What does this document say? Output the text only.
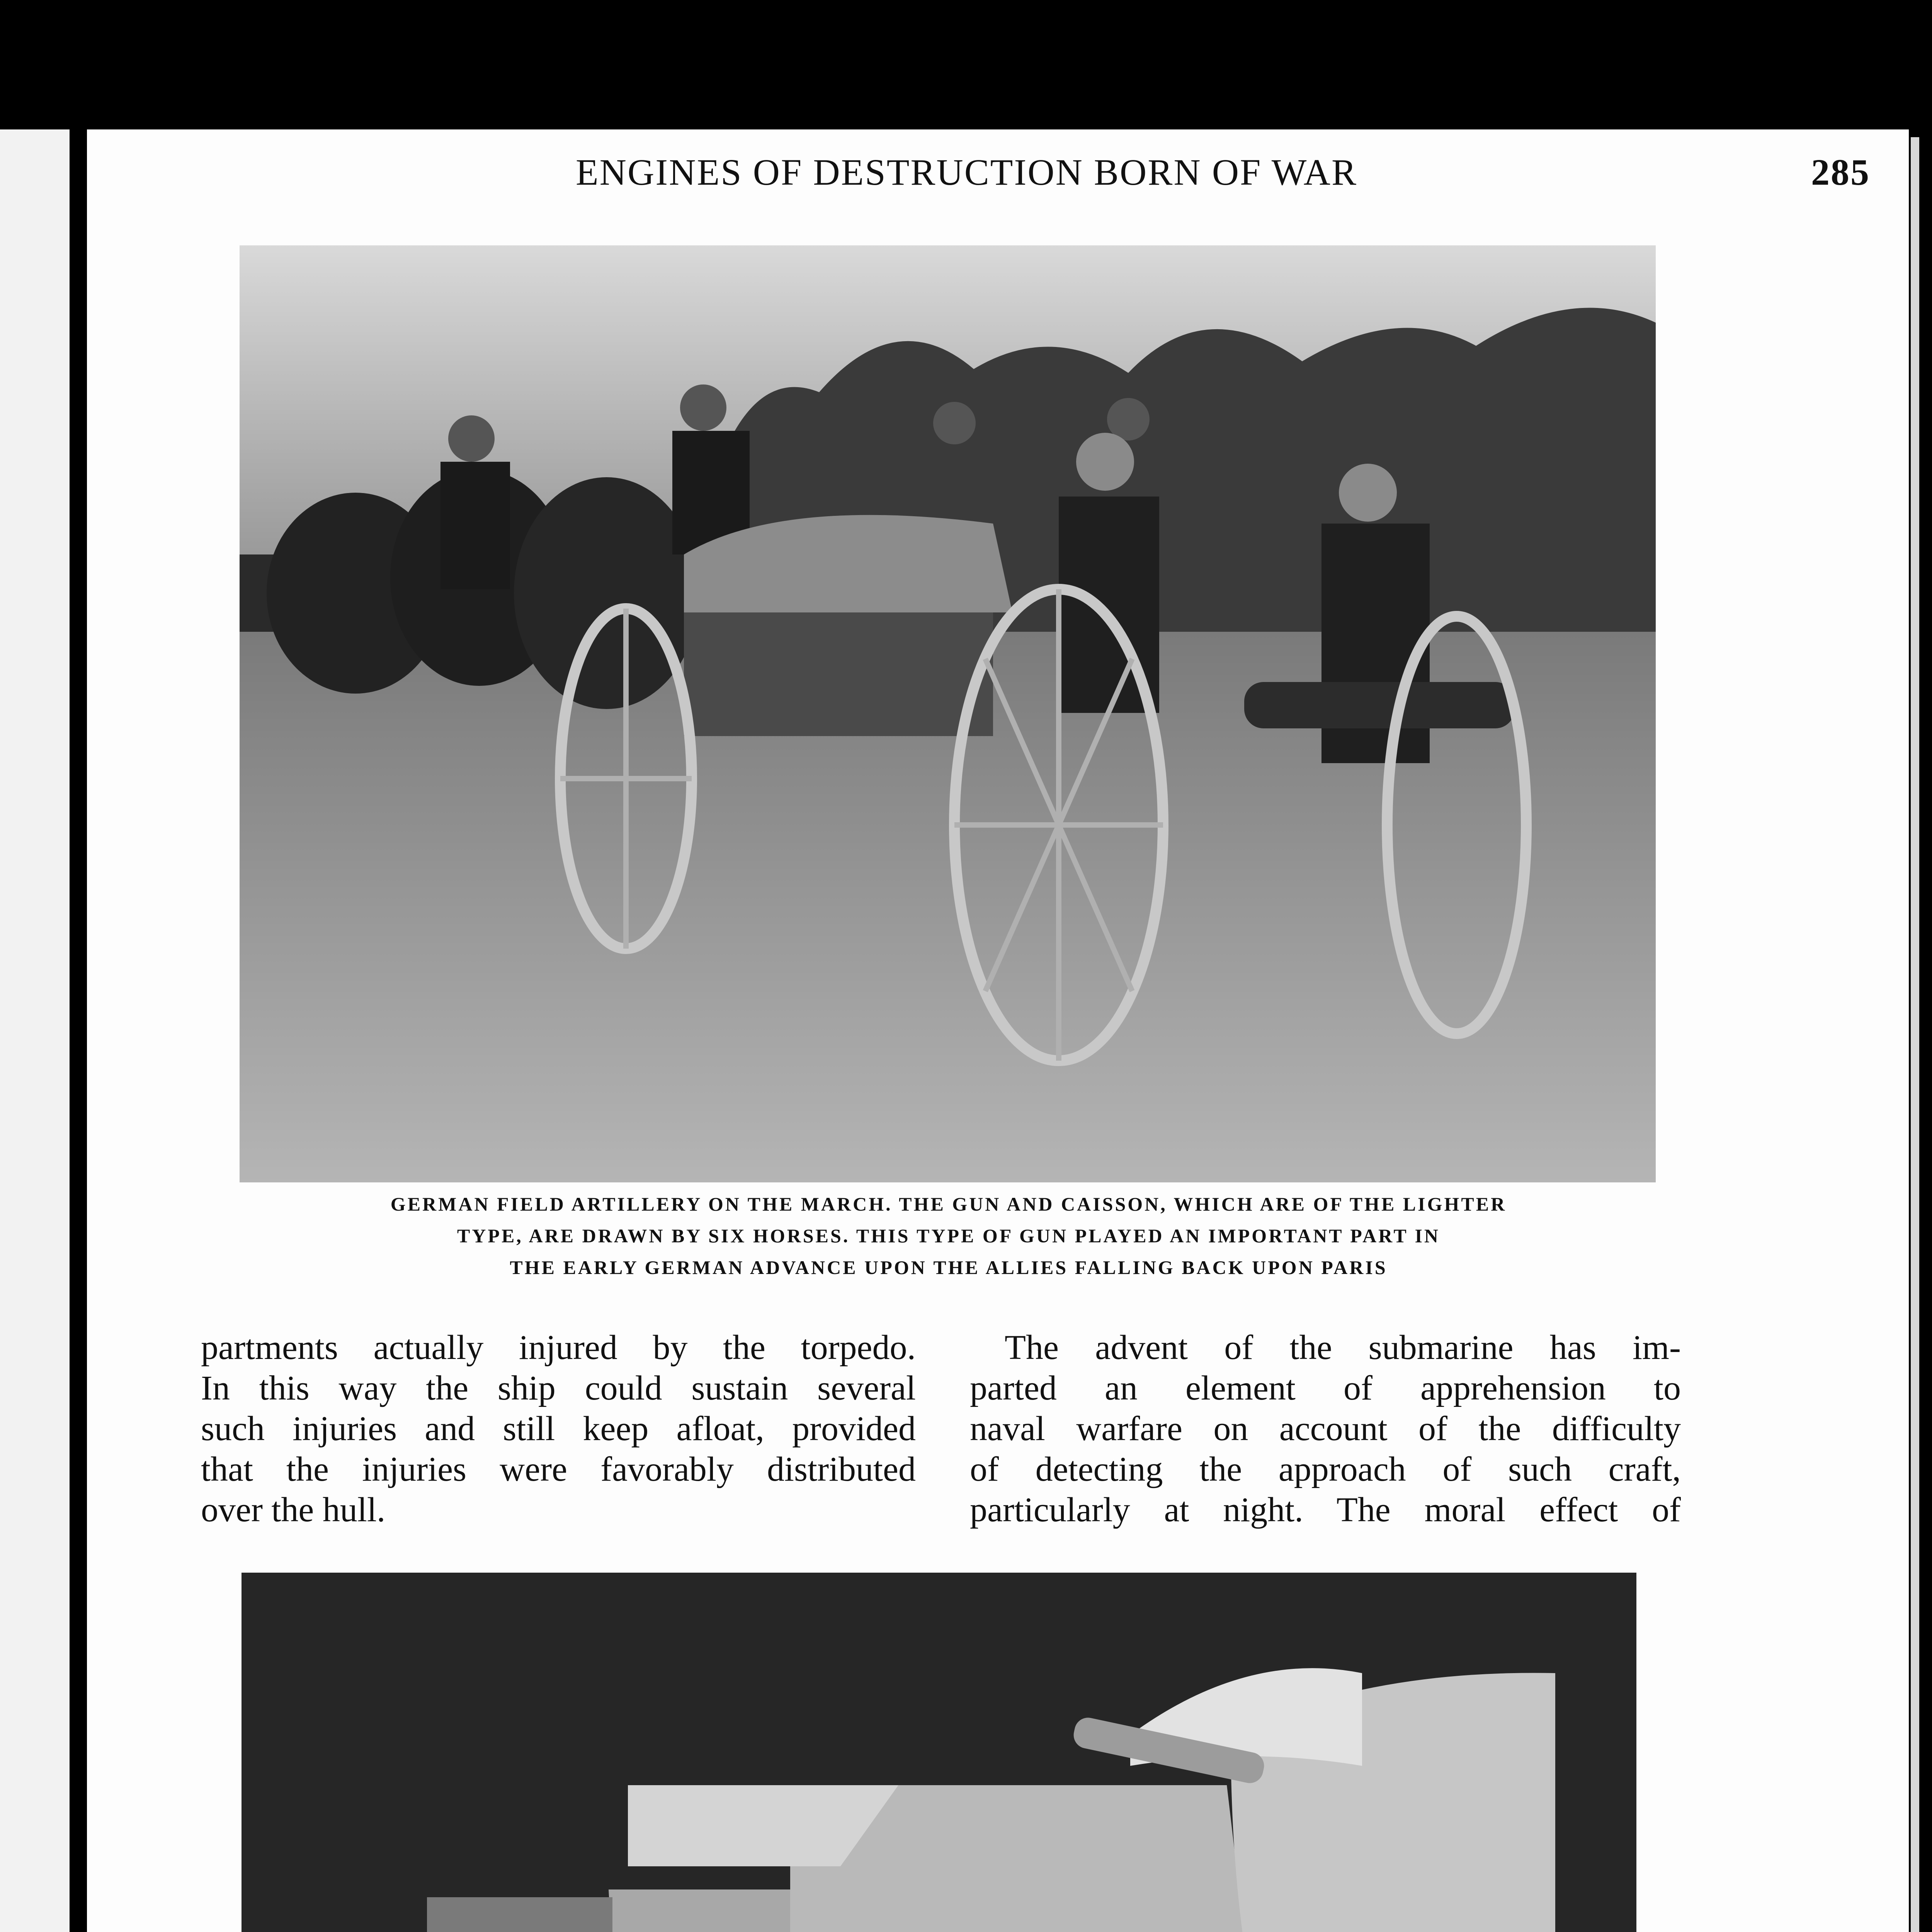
ENGINES OF DESTRUCTION BORN OF WAR	285
GERMAN FIELD ARTILLERY ON THE MARCH. THE GUN AND CAISSON, WHICH ARE OF THE LIGHTER
TYPE, ARE DRAWN BY SIX HORSES. THIS TYPE OF GUN PLAYED AN IMPORTANT PART IN
THE EARLY GERMAN ADVANCE UPON THE ALLIES FALLING BACK UPON PARIS
partments actually injured by the torpedo.
In this way the ship could sustain several
such injuries and still keep afloat, provided
that the injuries were favorably distributed
over the hull.
The advent of the submarine has im-
parted an element of apprehension to
naval warfare on account of the difficulty
of detecting the approach of such craft,
particularly at night. The moral effect of
